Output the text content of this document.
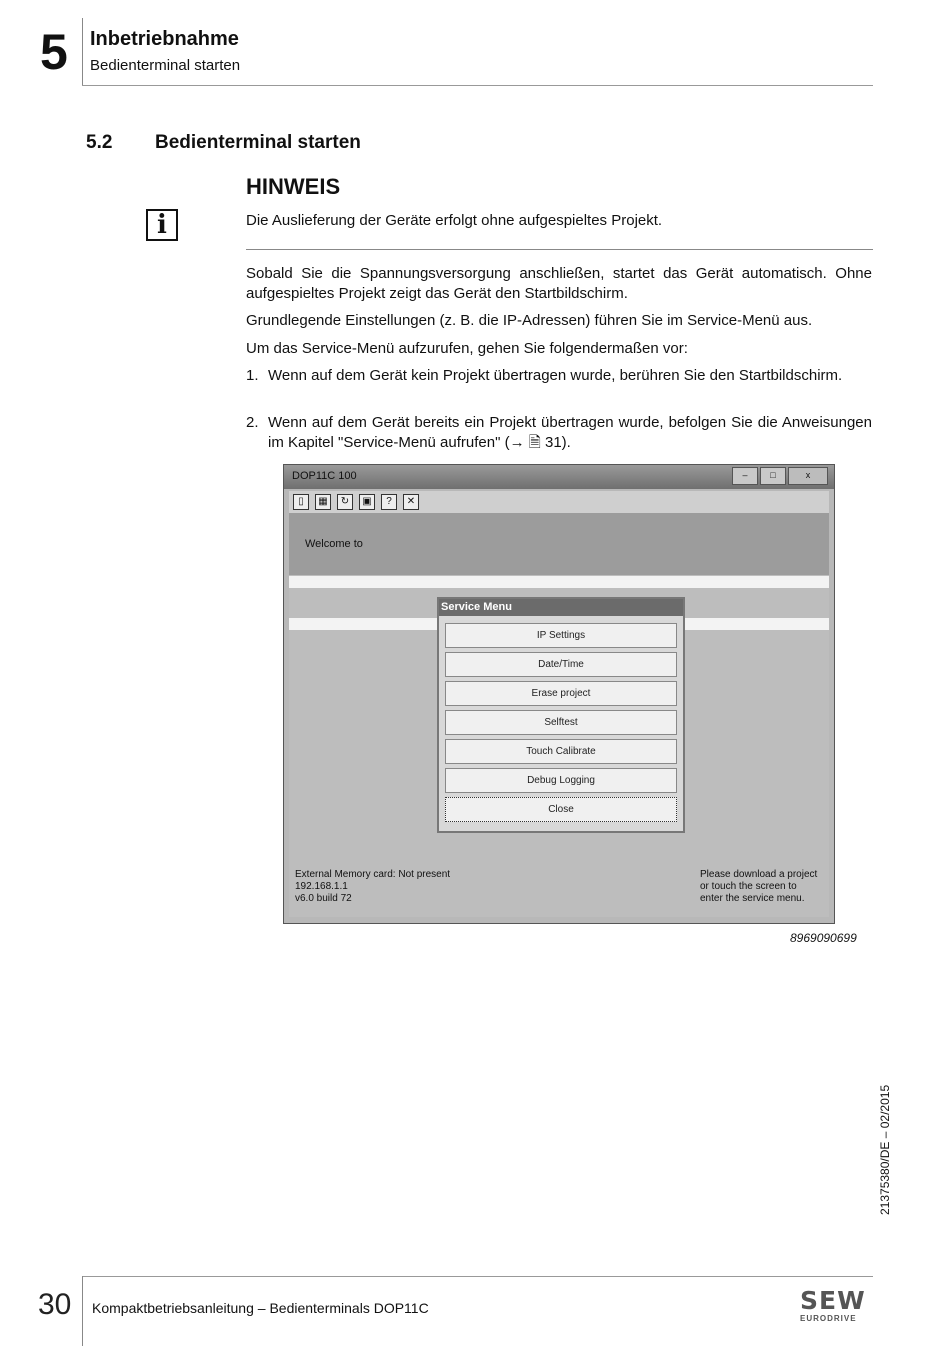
5 Inbetriebnahme
Bedienterminal starten
5.2 Bedienterminal starten
HINWEIS
i	Die Auslieferung der Geräte erfolgt ohne aufgespieltes Projekt.
Sobald Sie die Spannungsversorgung anschließen, startet das Gerät automatisch. Ohne aufgespieltes Projekt zeigt das Gerät den Startbildschirm.
Grundlegende Einstellungen (z. B. die IP-Adressen) führen Sie im Service-Menü aus.
Um das Service-Menü aufzurufen, gehen Sie folgendermaßen vor:
1. Wenn auf dem Gerät kein Projekt übertragen wurde, berühren Sie den Startbildschirm.
2. Wenn auf dem Gerät bereits ein Projekt übertragen wurde, befolgen Sie die Anweisungen im Kapitel "Service-Menü aufrufen" (→ 🗎 31).
DOP11C 100	–	□	x
▯	▦	↻	▣	?	✕
Welcome to
Service Menu
IP Settings
Date/Time
Erase project
Selftest
Touch Calibrate
Debug Logging
Close
External Memory card: Not present
192.168.1.1
v6.0 build 72
Please download a project
or touch the screen to
enter the service menu.
8969090699
21375380/DE – 02/2015
30 Kompaktbetriebsanleitung – Bedienterminals DOP11C	SEW
EURODRIVE
